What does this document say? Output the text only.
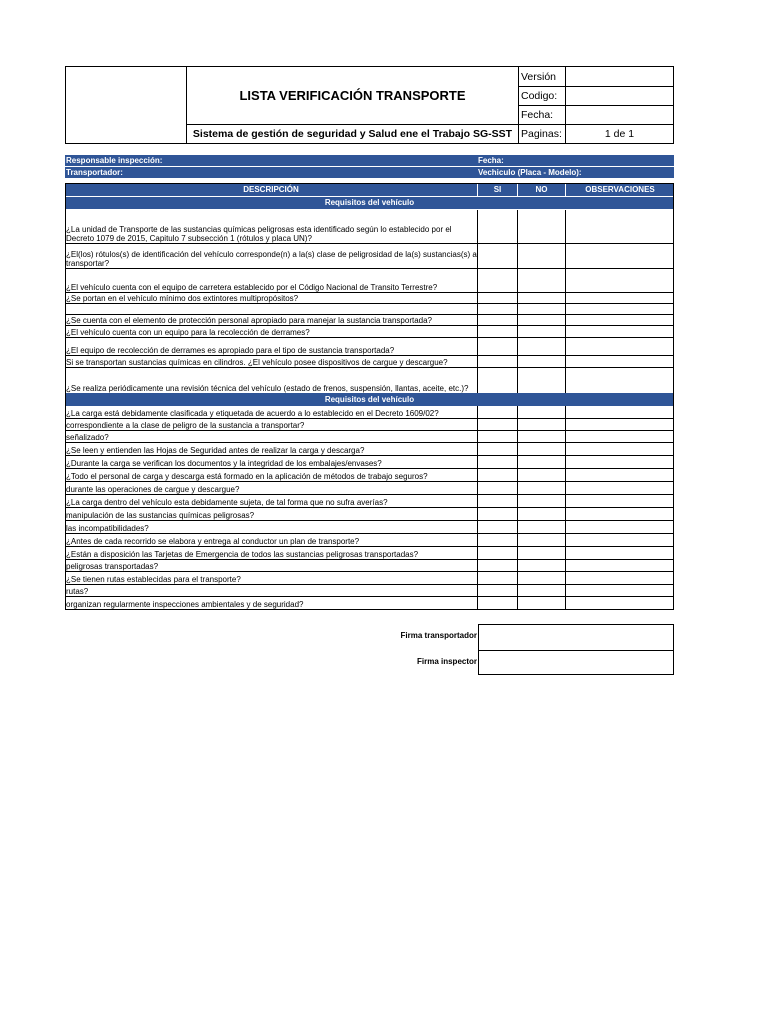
LISTA VERIFICACIÓN TRANSPORTE
Sistema de gestión de seguridad y Salud ene el Trabajo SG-SST
Versión
Codigo:
Fecha:
Paginas:	1 de 1
Responsable inspección:	Fecha:
Transportador:	Vechiculo (Placa - Modelo):
DESCRIPCIÓN	SI	NO	OBSERVACIONES
Requisitos del vehículo
¿La unidad de Transporte de las sustancias químicas peligrosas esta identificado según lo establecido por el Decreto 1079 de 2015, Capitulo 7 subsección 1 (rótulos y placa UN)?
¿El(los) rótulos(s) de identificación del vehículo corresponde(n) a la(s) clase de peligrosidad de la(s) sustancias(s) a transportar?
¿El vehículo cuenta con el equipo de carretera establecido por el Código Nacional de Transito Terrestre?
¿Se portan en el vehículo mínimo dos extintores multipropósitos?
¿Se cuenta con el elemento de protección personal apropiado para manejar la sustancia transportada?
¿El vehículo cuenta con un equipo para la recolección de derrames?
¿El equipo de recolección de derrames es apropiado para el tipo de sustancia transportada?
Si se transportan sustancias químicas en cilindros. ¿El vehículo posee dispositivos de cargue y descargue?
¿Se realiza periódicamente una revisión técnica del vehículo (estado de frenos, suspensión, llantas, aceite, etc.)?
Requisitos del vehículo
¿La carga está debidamente clasificada y etiquetada de acuerdo a lo establecido en el Decreto 1609/02?
correspondiente a la clase de peligro de la sustancia a transportar?
señalizado?
¿Se leen y entienden las Hojas de Seguridad antes de realizar la carga y descarga?
¿Durante la carga se verifican los documentos y la integridad de los embalajes/envases?
¿Todo el personal de carga y descarga está formado en la aplicación de métodos de trabajo seguros?
durante las operaciones de cargue y descargue?
¿La carga dentro del vehículo esta debidamente sujeta, de tal forma que no sufra averías?
manipulación de las sustancias químicas peligrosas?
las incompatibilidades?
¿Antes de cada recorrido se elabora y entrega al conductor un plan de transporte?
¿Están a disposición las Tarjetas de Emergencia de todos las sustancias peligrosas transportadas?
peligrosas transportadas?
¿Se tienen rutas establecidas para el transporte?
rutas?
organizan regularmente inspecciones ambientales y de seguridad?
Firma transportador
Firma inspector
